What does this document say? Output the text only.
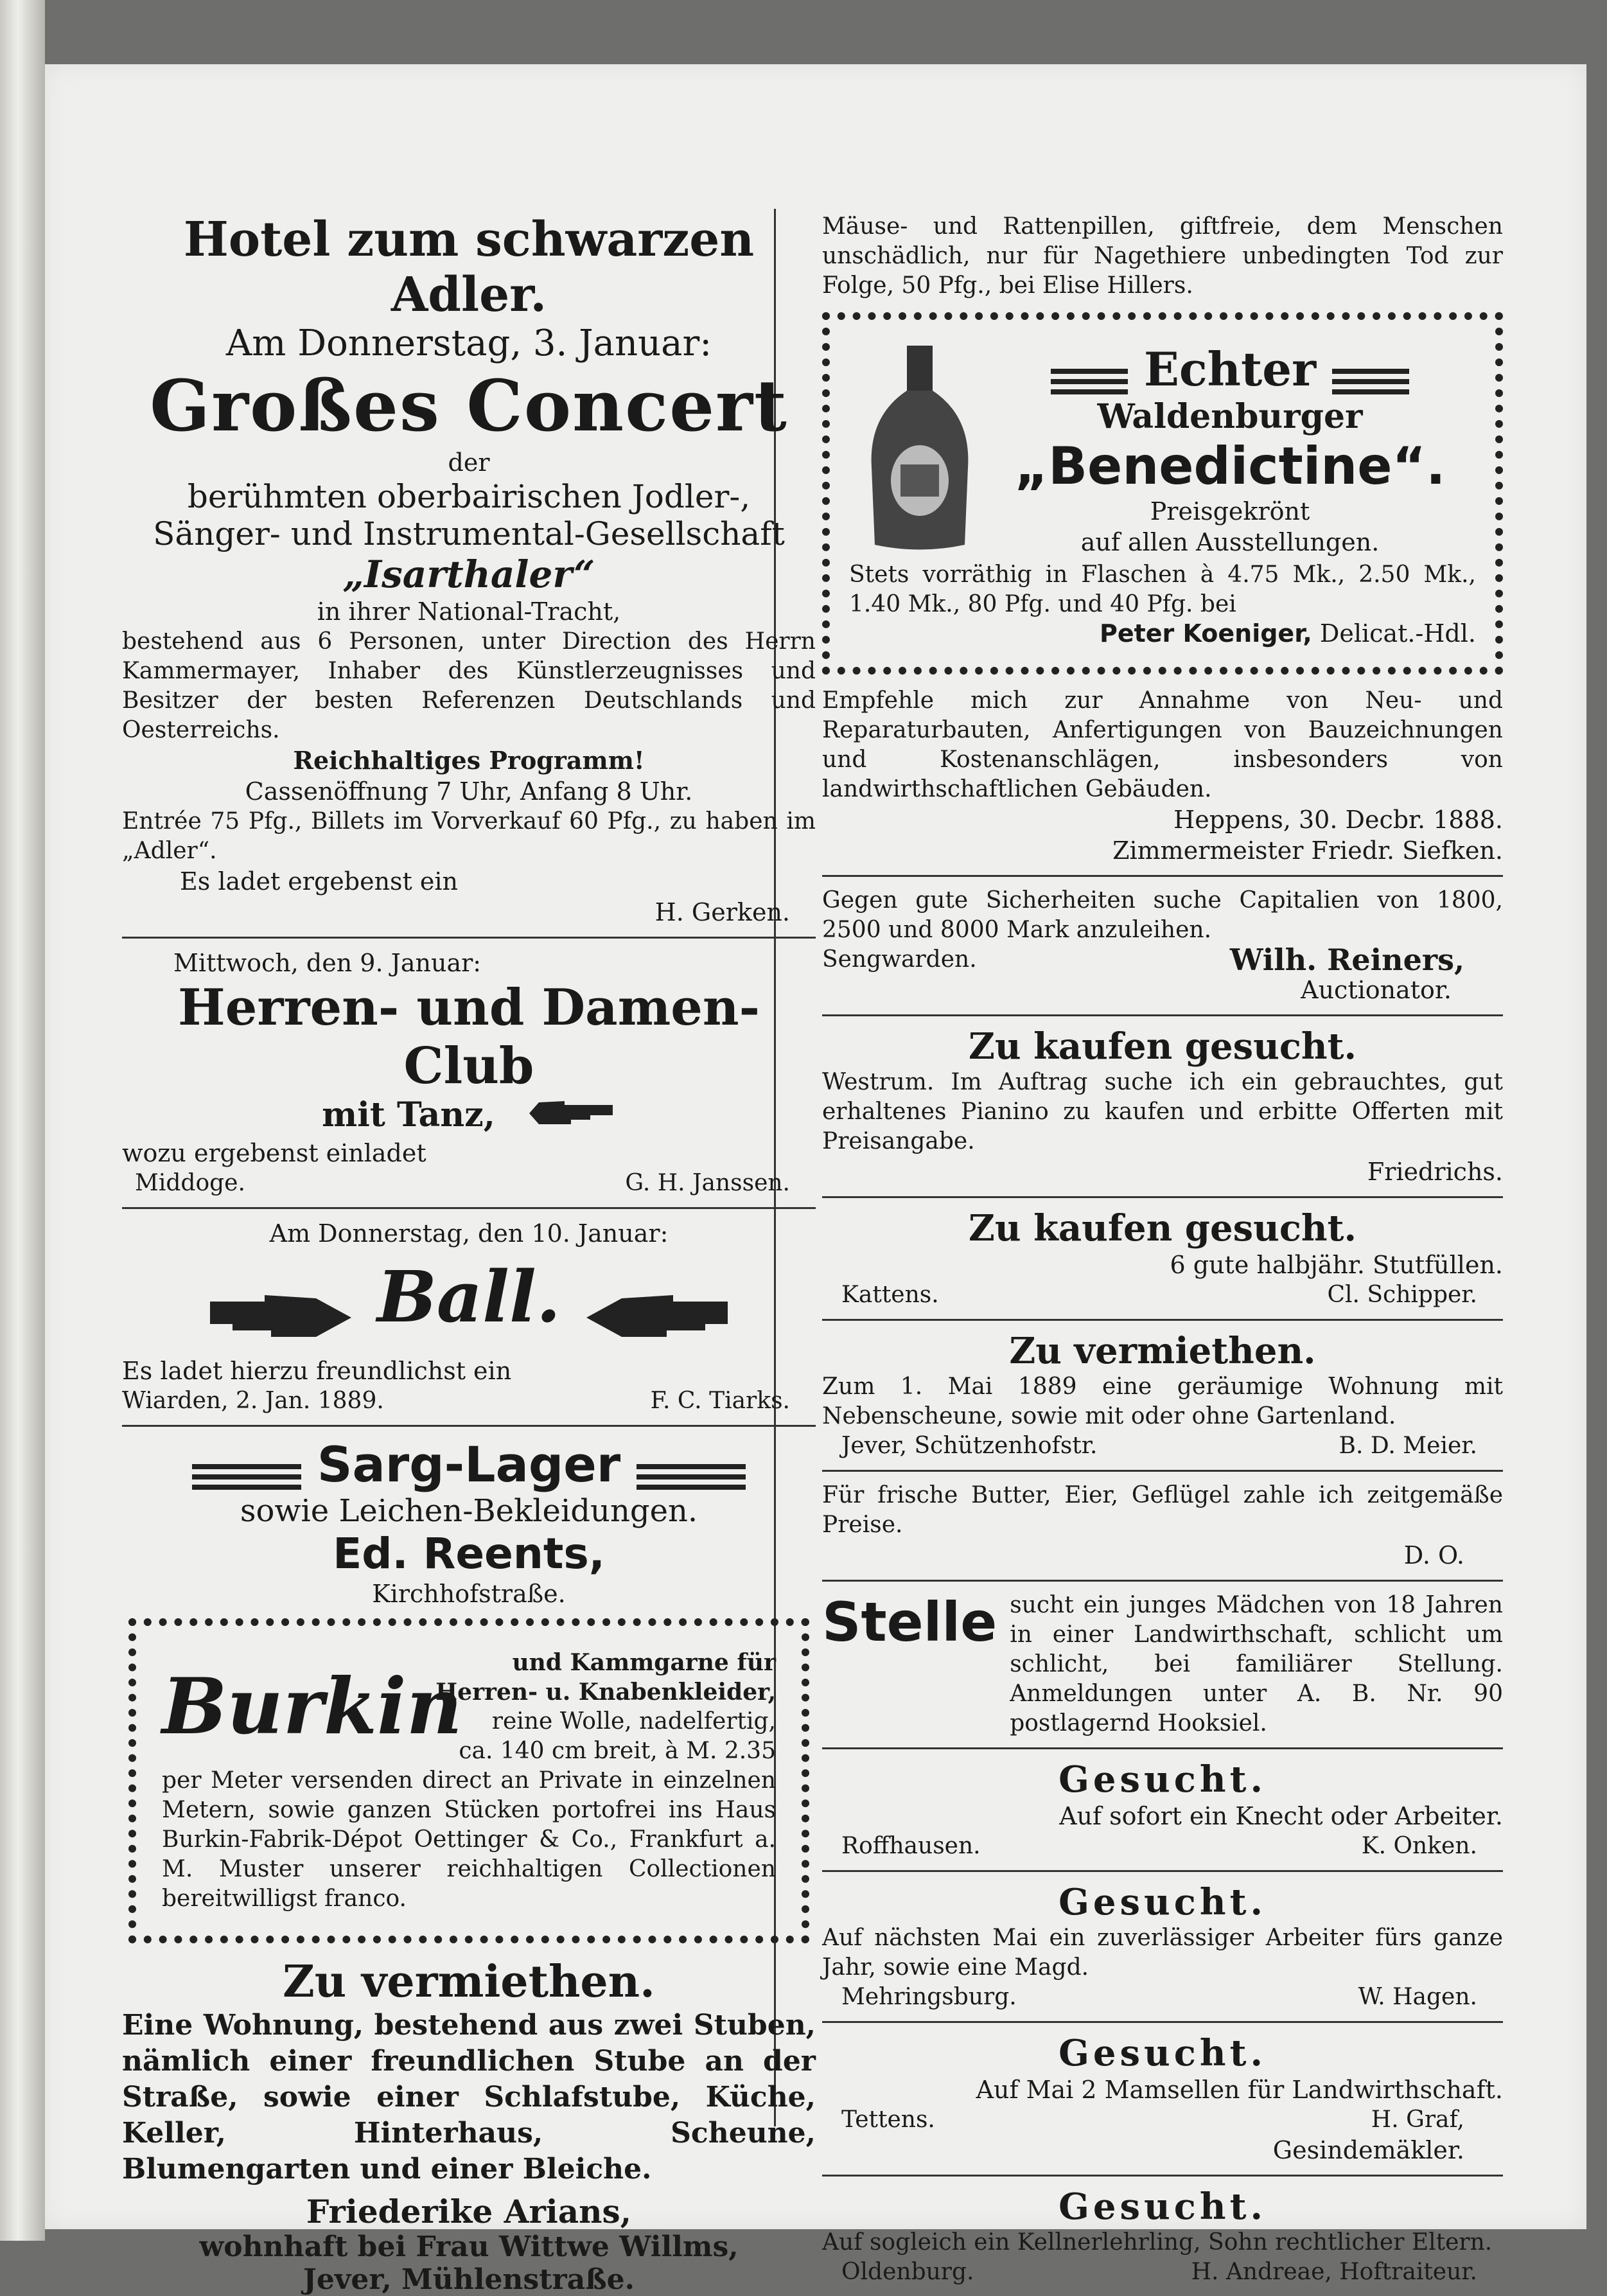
Hotel zum schwarzen Adler.
Am Donnerstag, 3. Januar:
Großes Concert
der
berühmten oberbairischen Jodler-,
Sänger- und Instrumental-Gesellschaft
„Isarthaler“
in ihrer National-Tracht,
bestehend aus 6 Personen, unter Direction des Herrn Kammermayer, Inhaber des Künstlerzeugnisses und Besitzer der besten Referenzen Deutschlands und Oesterreichs.
Reichhaltiges Programm!
Cassenöffnung 7 Uhr, Anfang 8 Uhr.
Entrée 75 Pfg., Billets im Vorverkauf 60 Pfg., zu haben im „Adler“.
Es ladet ergebenst ein
H. Gerken.
Mittwoch, den 9. Januar:
Herren- und Damen-Club
mit Tanz,
wozu ergebenst einladet
Middoge.	G. H. Janssen.
Am Donnerstag, den 10. Januar:
Ball.
Es ladet hierzu freundlichst ein
Wiarden, 2. Jan. 1889.	F. C. Tiarks.
Sarg-Lager
sowie Leichen-Bekleidungen.
Ed. Reents,
Kirchhofstraße.
Burkin	und Kammgarne für
Herren- u. Knabenkleider,
reine Wolle, nadelfertig,
ca. 140 cm breit, à M. 2.35
per Meter versenden direct an Private in einzelnen Metern, sowie ganzen Stücken portofrei ins Haus Burkin-Fabrik-Dépot Oettinger & Co., Frankfurt a. M. Muster unserer reichhaltigen Collectionen bereitwilligst franco.
Zu vermiethen.
Eine Wohnung, bestehend aus zwei Stuben, nämlich einer freundlichen Stube an der Straße, sowie einer Schlafstube, Küche, Keller, Hinterhaus, Scheune, Blumengarten und einer Bleiche.
Friederike Arians,
wohnhaft bei Frau Wittwe Willms,
Jever, Mühlenstraße.
Mäuse- und Rattenpillen, giftfreie, dem Menschen unschädlich, nur für Nagethiere unbedingten Tod zur Folge, 50 Pfg., bei Elise Hillers.
Echter
Waldenburger
„Benedictine“.
Preisgekrönt
auf allen Ausstellungen.
Stets vorräthig in Flaschen à 4.75 Mk., 2.50 Mk., 1.40 Mk., 80 Pfg. und 40 Pfg. bei
Peter Koeniger, Delicat.-Hdl.
Empfehle mich zur Annahme von Neu- und Reparaturbauten, Anfertigungen von Bauzeichnungen und Kostenanschlägen, insbesonders von landwirthschaftlichen Gebäuden.
Heppens, 30. Decbr. 1888.
Zimmermeister Friedr. Siefken.
Gegen gute Sicherheiten suche Capitalien von 1800, 2500 und 8000 Mark anzuleihen.
Sengwarden.	Wilh. Reiners,
Auctionator.
Zu kaufen gesucht.
Westrum. Im Auftrag suche ich ein gebrauchtes, gut erhaltenes Pianino zu kaufen und erbitte Offerten mit Preisangabe.
Friedrichs.
Zu kaufen gesucht.
6 gute halbjähr. Stutfüllen.
Kattens.	Cl. Schipper.
Zu vermiethen.
Zum 1. Mai 1889 eine geräumige Wohnung mit Nebenscheune, sowie mit oder ohne Gartenland.
Jever, Schützenhofstr.	B. D. Meier.
Für frische Butter, Eier, Geflügel zahle ich zeitgemäße Preise.
D. O.
Stelle sucht ein junges Mädchen von 18 Jahren in einer Landwirthschaft, schlicht um schlicht, bei familiärer Stellung. Anmeldungen unter A. B. Nr. 90 postlagernd Hooksiel.
Gesucht.
Auf sofort ein Knecht oder Arbeiter.
Roffhausen.	K. Onken.
Gesucht.
Auf nächsten Mai ein zuverlässiger Arbeiter fürs ganze Jahr, sowie eine Magd.
Mehringsburg.	W. Hagen.
Gesucht.
Auf Mai 2 Mamsellen für Landwirthschaft.
Tettens.	H. Graf,
Gesindemäkler.
Gesucht.
Auf sogleich ein Kellnerlehrling, Sohn rechtlicher Eltern.
Oldenburg.	H. Andreae, Hoftraiteur.
